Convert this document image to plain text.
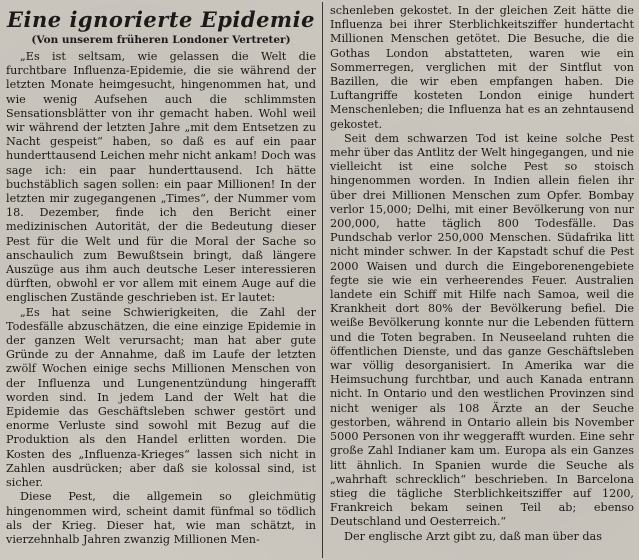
Eine ignorierte Epidemie
(Von unserem früheren Londoner Vertreter)

„Es ist seltsam, wie gelassen die Welt die furchtbare Influenza-Epidemie, die sie während der letzten Monate heimgesucht, hingenommen hat, und wie wenig Aufsehen auch die schlimmsten Sensationsblätter von ihr gemacht haben. Wohl weil wir während der letzten Jahre „mit dem Entsetzen zu Nacht gespeist“ haben, so daß es auf ein paar hunderttausend Leichen mehr nicht ankam! Doch was sage ich: ein paar hunderttausend. Ich hätte buchstäblich sagen sollen: ein paar Millionen! In der letzten mir zugegangenen „Times“, der Nummer vom 18. Dezember, finde ich den Bericht einer medizinischen Autorität, der die Bedeutung dieser Pest für die Welt und für die Moral der Sache so anschaulich zum Bewußtsein bringt, daß längere Auszüge aus ihm auch deutsche Leser interessieren dürften, obwohl er vor allem mit einem Auge auf die englischen Zustände geschrieben ist. Er lautet:

„Es hat seine Schwierigkeiten, die Zahl der Todesfälle abzuschätzen, die eine einzige Epidemie in der ganzen Welt verursacht; man hat aber gute Gründe zu der Annahme, daß im Laufe der letzten zwölf Wochen einige sechs Millionen Menschen von der Influenza und Lungenentzündung hingerafft worden sind. In jedem Land der Welt hat die Epidemie das Geschäftsleben schwer gestört und enorme Verluste sind sowohl mit Bezug auf die Produktion als den Handel erlitten worden. Die Kosten des „Influenza-Krieges“ lassen sich nicht in Zahlen ausdrücken; aber daß sie kolossal sind, ist sicher.

Diese Pest, die allgemein so gleichmütig hingenommen wird, scheint damit fünfmal so tödlich als der Krieg. Dieser hat, wie man schätzt, in vierzehnhalb Jahren zwanzig Millionen Men-

schenleben gekostet. In der gleichen Zeit hätte die Influenza bei ihrer Sterblichkeitsziffer hundertacht Millionen Menschen getötet. Die Besuche, die die Gothas London abstatteten, waren wie ein Sommerregen, verglichen mit der Sintflut von Bazillen, die wir eben empfangen haben. Die Luftangriffe kosteten London einige hundert Menschenleben; die Influenza hat es an zehntausend gekostet.

Seit dem schwarzen Tod ist keine solche Pest mehr über das Antlitz der Welt hingegangen, und nie vielleicht ist eine solche Pest so stoisch hingenommen worden. In Indien allein fielen ihr über drei Millionen Menschen zum Opfer. Bombay verlor 15,000; Delhi, mit einer Bevölkerung von nur 200,000, hatte täglich 800 Todesfälle. Das Pundschab verlor 250,000 Menschen. Südafrika litt nicht minder schwer. In der Kapstadt schuf die Pest 2000 Waisen und durch die Eingeborenengebiete fegte sie wie ein verheerendes Feuer. Australien landete ein Schiff mit Hilfe nach Samoa, weil die Krankheit dort 80% der Bevölkerung befiel. Die weiße Bevölkerung konnte nur die Lebenden füttern und die Toten begraben. In Neuseeland ruhten die öffentlichen Dienste, und das ganze Geschäftsleben war völlig desorganisiert. In Amerika war die Heimsuchung furchtbar, und auch Kanada entrann nicht. In Ontario und den westlichen Provinzen sind nicht weniger als 108 Ärzte an der Seuche gestorben, während in Ontario allein bis November 5000 Personen von ihr weggerafft wurden. Eine sehr große Zahl Indianer kam um. Europa als ein Ganzes litt ähnlich. In Spanien wurde die Seuche als „wahrhaft schrecklich“ beschrieben. In Barcelona stieg die tägliche Sterblichkeitsziffer auf 1200, Frankreich bekam seinen Teil ab; ebenso Deutschland und Oesterreich.“

Der englische Arzt gibt zu, daß man über das
